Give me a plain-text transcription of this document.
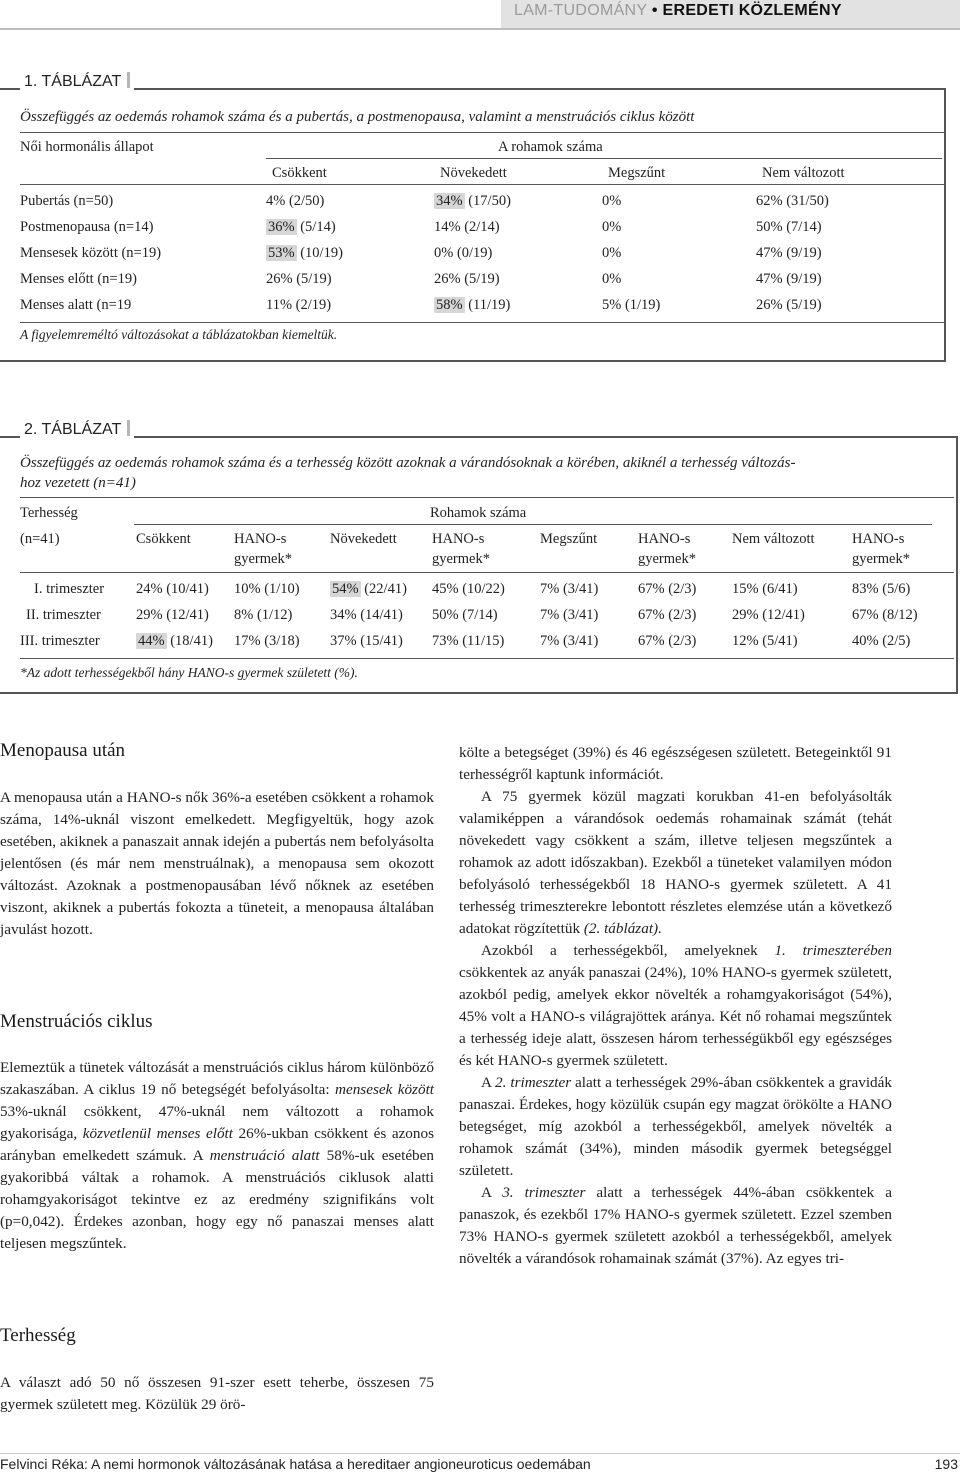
LAM-TUDOMÁNY • EREDETI KÖZLEMÉNY
1. TÁBLÁZAT
Összefüggés az oedemás rohamok száma és a pubertás, a postmenopausa, valamint a menstruációs ciklus között
Női hormonális állapot	A rohamok száma
Csökkent	Növekedett	Megszűnt	Nem változott
Pubertás (n=50)	4% (2/50)	34% (17/50)	0%	62% (31/50)
Postmenopausa (n=14)	36% (5/14)	14% (2/14)	0%	50% (7/14)
Mensesek között (n=19)	53% (10/19)	0% (0/19)	0%	47% (9/19)
Menses előtt (n=19)	26% (5/19)	26% (5/19)	0%	47% (9/19)
Menses alatt (n=19	11% (2/19)	58% (11/19)	5% (1/19)	26% (5/19)
A figyelemreméltó változásokat a táblázatokban kiemeltük.
2. TÁBLÁZAT
Összefüggés az oedemás rohamok száma és a terhesség között azoknak a várandósoknak a körében, akiknél a terhesség változás-
hoz vezetett (n=41)
Terhesség	Rohamok száma
(n=41)	Csökkent	HANO-s	Növekedett HANO-s	Megszűnt	HANO-s	Nem változott	HANO-s
gyermek*	gyermek*	gyermek*	gyermek*
I. trimeszter 24% (10/41) 10% (1/10) 54% (22/41) 45% (10/22) 7% (3/41)	67% (2/3) 15% (6/41)	83% (5/6)
II. trimeszter 29% (12/41) 8% (1/12)	34% (14/41) 50% (7/14)	7% (3/41)	67% (2/3) 29% (12/41)	67% (8/12)
III. trimeszter	44% (18/41) 17% (3/18) 37% (15/41) 73% (11/15) 7% (3/41)	67% (2/3) 12% (5/41)	40% (2/5)
*Az adott terhességekből hány HANO-s gyermek született (%).
Menopausa után

A menopausa után a HANO-s nők 36%-a esetében csökkent a rohamok száma, 14%-uknál viszont emelkedett. Megfigyeltük, hogy azok esetében, akiknek a panaszait annak idején a pubertás nem befolyásolta jelentősen (és már nem menstruálnak), a menopausa sem okozott változást. Azoknak a postmenopausában lévő nőknek az esetében viszont, akiknek a pubertás fokozta a tüneteit, a menopausa általában javulást hozott.

Menstruációs ciklus

Elemeztük a tünetek változását a menstruációs ciklus három különböző szakaszában. A ciklus 19 nő betegségét befolyásolta: mensesek között 53%-uknál csökkent, 47%-uknál nem változott a rohamok gyakorisága, közvetlenül menses előtt 26%-ukban csökkent és azonos arányban emelkedett számuk. A menstruáció alatt 58%-uk esetében gyakoribbá váltak a rohamok. A menstruációs ciklusok alatti rohamgyakoriságot tekintve ez az eredmény szignifikáns volt (p=0,042). Érdekes azonban, hogy egy nő panaszai menses alatt teljesen megszűntek.

Terhesség

A választ adó 50 nő összesen 91-szer esett teherbe, összesen 75 gyermek született meg. Közülük 29 örö-

költe a betegséget (39%) és 46 egészségesen született. Betegeinktől 91 terhességről kaptunk információt.

A 75 gyermek közül magzati korukban 41-en befolyásolták valamiképpen a várandósok oedemás rohamainak számát (tehát növekedett vagy csökkent a szám, illetve teljesen megszűntek a rohamok az adott időszakban). Ezekből a tüneteket valamilyen módon befolyásoló terhességekből 18 HANO-s gyermek született. A 41 terhesség trimeszterekre lebontott részletes elemzése után a következő adatokat rögzítettük (2. táblázat).

Azokból a terhességekből, amelyeknek 1. trimeszterében csökkentek az anyák panaszai (24%), 10% HANO-s gyermek született, azokból pedig, amelyek ekkor növelték a rohamgyakoriságot (54%), 45% volt a HANO-s világrajöttek aránya. Két nő rohamai megszűntek a terhesség ideje alatt, összesen három terhességükből egy egészséges és két HANO-s gyermek született.

A 2. trimeszter alatt a terhességek 29%-ában csökkentek a gravidák panaszai. Érdekes, hogy közülük csupán egy magzat örökölte a HANO betegséget, míg azokból a terhességekből, amelyek növelték a rohamok számát (34%), minden második gyermek betegséggel született.

A 3. trimeszter alatt a terhességek 44%-ában csökkentek a panaszok, és ezekből 17% HANO-s gyermek született. Ezzel szemben 73% HANO-s gyermek született azokból a terhességekből, amelyek növelték a várandósok rohamainak számát (37%). Az egyes tri-

Felvinci Réka: A nemi hormonok változásának hatása a hereditaer angioneuroticus oedemában	193
